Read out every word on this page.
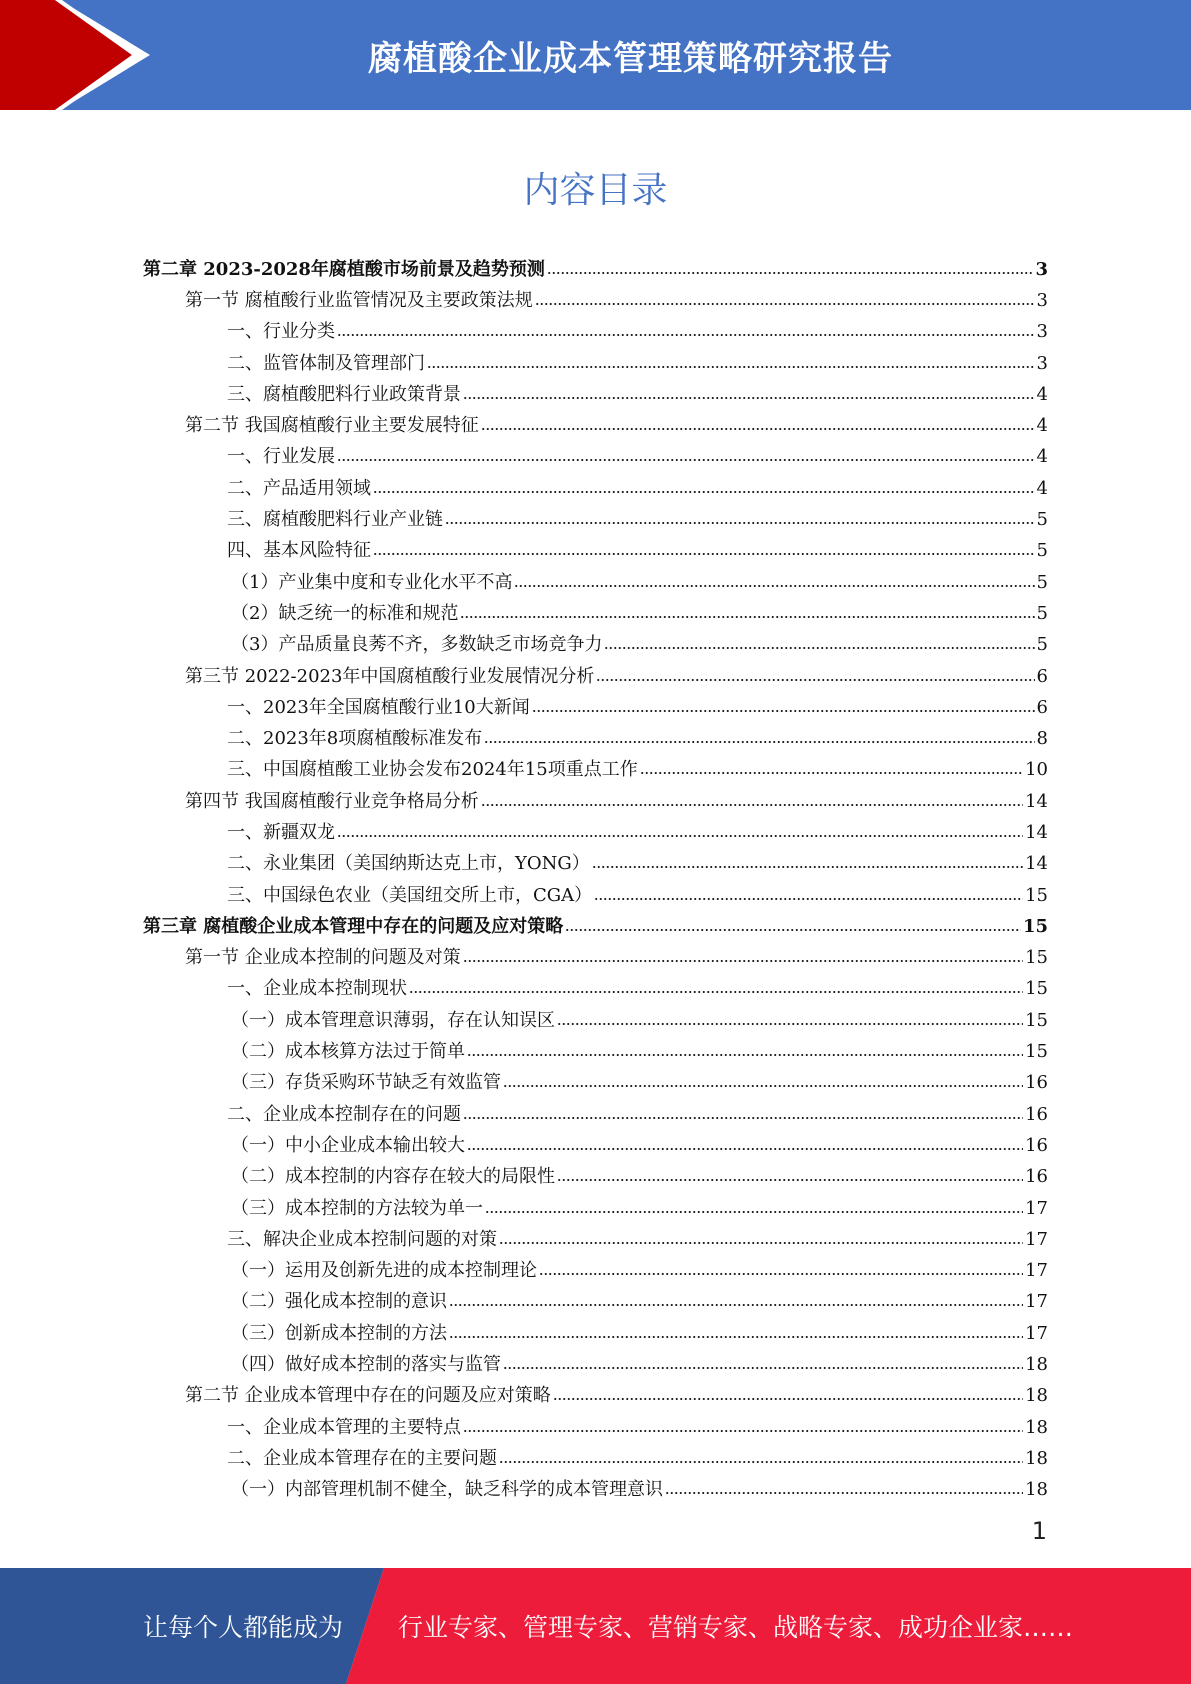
腐植酸企业成本管理策略研究报告
内容目录
第二章 2023-2028年腐植酸市场前景及趋势预测	3
第一节 腐植酸行业监管情况及主要政策法规	3
一、行业分类	3
二、监管体制及管理部门	3
三、腐植酸肥料行业政策背景	4
第二节 我国腐植酸行业主要发展特征	4
一、行业发展	4
二、产品适用领域	4
三、腐植酸肥料行业产业链	5
四、基本风险特征	5
（1）产业集中度和专业化水平不高	5
（2）缺乏统一的标准和规范	5
（3）产品质量良莠不齐，多数缺乏市场竞争力	5
第三节 2022-2023年中国腐植酸行业发展情况分析	6
一、2023年全国腐植酸行业10大新闻	6
二、2023年8项腐植酸标准发布	8
三、中国腐植酸工业协会发布2024年15项重点工作	10
第四节 我国腐植酸行业竞争格局分析	14
一、新疆双龙	14
二、永业集团（美国纳斯达克上市，YONG）	14
三、中国绿色农业（美国纽交所上市，CGA）	15
第三章 腐植酸企业成本管理中存在的问题及应对策略	15
第一节 企业成本控制的问题及对策	15
一、企业成本控制现状	15
（一）成本管理意识薄弱，存在认知误区	15
（二）成本核算方法过于简单	15
（三）存货采购环节缺乏有效监管	16
二、企业成本控制存在的问题	16
（一）中小企业成本输出较大	16
（二）成本控制的内容存在较大的局限性	16
（三）成本控制的方法较为单一	17
三、解决企业成本控制问题的对策	17
（一）运用及创新先进的成本控制理论	17
（二）强化成本控制的意识	17
（三）创新成本控制的方法	17
（四）做好成本控制的落实与监管	18
第二节 企业成本管理中存在的问题及应对策略	18
一、企业成本管理的主要特点	18
二、企业成本管理存在的主要问题	18
（一）内部管理机制不健全，缺乏科学的成本管理意识	18
1
让每个人都能成为 行业专家、管理专家、营销专家、战略专家、成功企业家……
